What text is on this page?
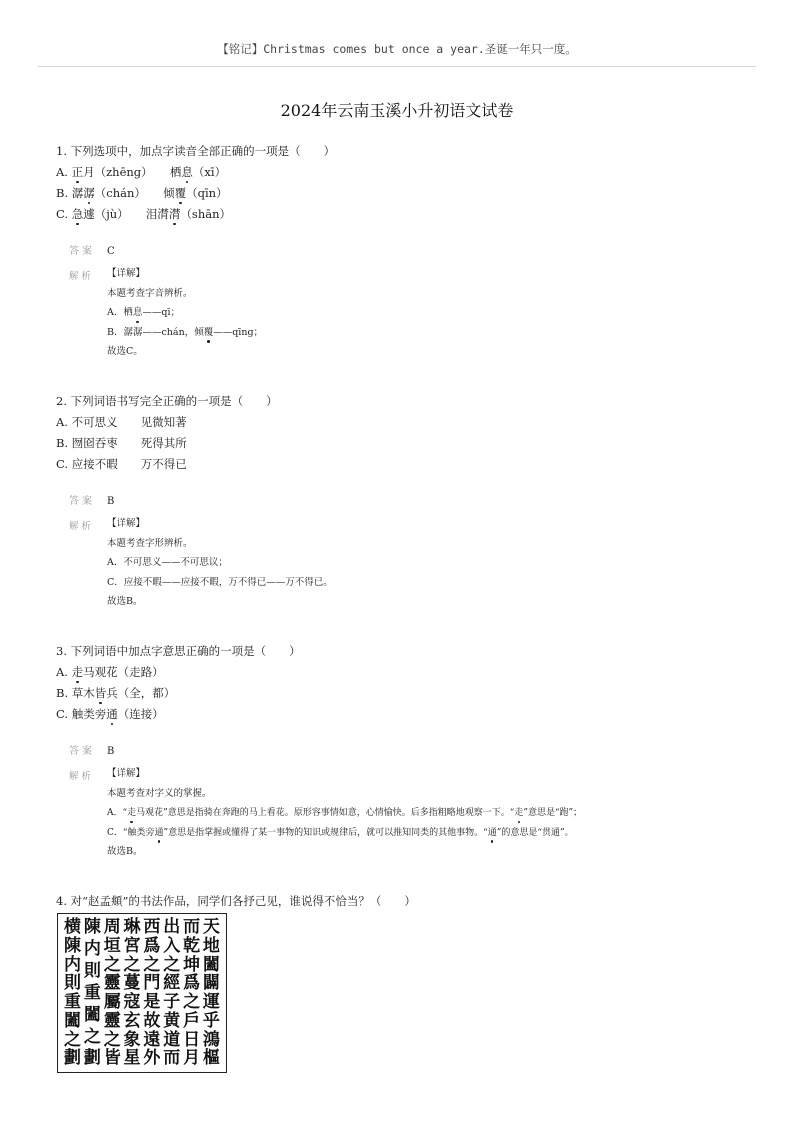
【铭记】Christmas comes but once a year.圣诞一年只一度。
2024年云南玉溪小升初语文试卷
1. 下列选项中，加点字读音全部正确的一项是（　　）
A. 正月（zhēng）　　栖息（xī）
B. 潺潺（chán）　　倾覆（qīn）
C. 急遽（jù）　　泪潸潸（shān）
答案 C
解析 【详解】
本题考查字音辨析。
A．栖息——qī；
B．潺潺——chán，倾覆——qīng；
故选C。
2. 下列词语书写完全正确的一项是（　　）
A. 不可思义　　见微知著
B. 囫囵吞枣　　死得其所
C. 应接不暇　　万不得已
答案 B
解析 【详解】
本题考查字形辨析。
A．不可思义——不可思议；
C．应接不暇——应接不暇，万不得已——万不得已。
故选B。
3. 下列词语中加点字意思正确的一项是（　　）
A. 走马观花（走路）
B. 草木皆兵（全，都）
C. 触类旁通（连接）
答案 B
解析 【详解】
本题考查对字义的掌握。
A．“走马观花”意思是指骑在奔跑的马上看花。原形容事情如意，心情愉快。后多指粗略地观察一下。“走”意思是“跑”；
C．“触类旁通”意思是指掌握或懂得了某一事物的知识或规律后，就可以推知同类的其他事物。“通”的意思是“贯通”。
故选B。
4. 对“赵孟頫”的书法作品，同学们各抒己见，谁说得不恰当？（　　）
天
地
闔
闢
運
乎
鴻
樞
而
乾
坤
爲
之
戶
日
月
出
入
之
經
子
黄
道
而
西
爲
之
門
是
故
遠
外
琳
宮
之
蔓
寇
玄
象
星
周
垣
之
靈
屬
靈
之
皆
陳
内
則
重
闔
之
劃
横
陳
内
則
重
闔
之
劃
